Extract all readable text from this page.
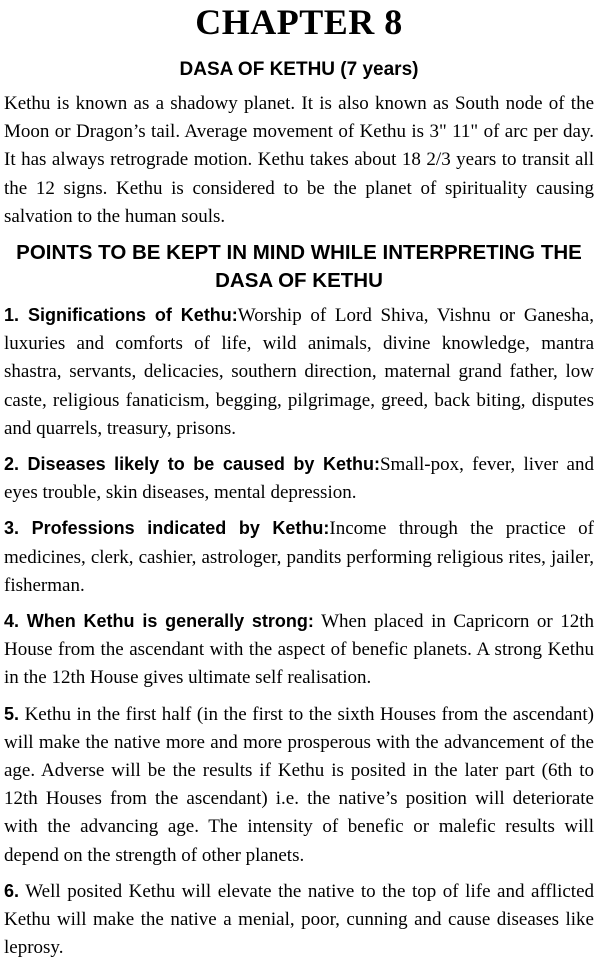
CHAPTER 8
DASA OF KETHU (7 years)

Kethu is known as a shadowy planet. It is also known as South node of the Moon or Dragon’s tail. Average movement of Kethu is 3" 11" of arc per day. It has always retrograde motion. Kethu takes about 18 2/3 years to transit all the 12 signs. Kethu is considered to be the planet of spirituality causing salvation to the human souls.

POINTS TO BE KEPT IN MIND WHILE INTERPRETING THE DASA OF KETHU

1. Significations of Kethu:Worship of Lord Shiva, Vishnu or Ganesha, luxuries and comforts of life, wild animals, divine knowledge, mantra shastra, servants, delicacies, southern direction, maternal grand father, low caste, religious fanaticism, begging, pilgrimage, greed, back biting, disputes and quarrels, treasury, prisons.

2. Diseases likely to be caused by Kethu:Small-pox, fever, liver and eyes trouble, skin diseases, mental depression.

3. Professions indicated by Kethu:Income through the practice of medicines, clerk, cashier, astrologer, pandits performing religious rites, jailer, fisherman.

4. When Kethu is generally strong: When placed in Capricorn or 12th House from the ascendant with the aspect of benefic planets. A strong Kethu in the 12th House gives ultimate self realisation.

5. Kethu in the first half (in the first to the sixth Houses from the ascendant) will make the native more and more prosperous with the advancement of the age. Adverse will be the results if Kethu is posited in the later part (6th to 12th Houses from the ascendant) i.e. the native’s position will deteriorate with the advancing age. The intensity of benefic or malefic results will depend on the strength of other planets.

6. Well posited Kethu will elevate the native to the top of life and afflicted Kethu will make the native a menial, poor, cunning and cause diseases like leprosy.
